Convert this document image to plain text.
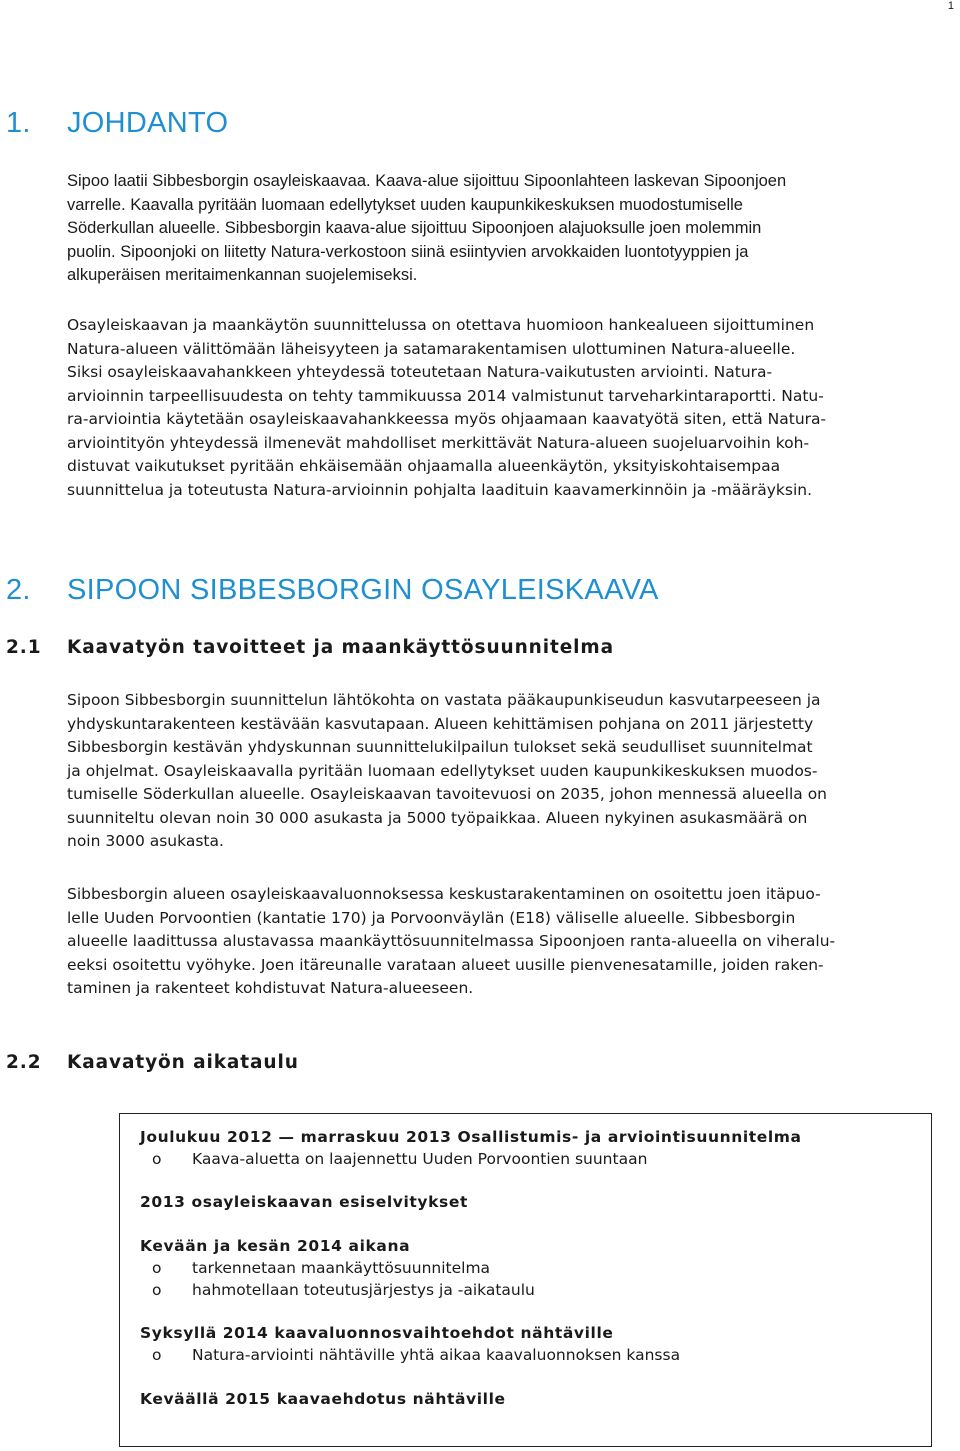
1
1. JOHDANTO
Sipoo laatii Sibbesborgin osayleiskaavaa. Kaava-alue sijoittuu Sipoonlahteen laskevan Sipoonjoen
varrelle. Kaavalla pyritään luomaan edellytykset uuden kaupunkikeskuksen muodostumiselle
Söderkullan alueelle. Sibbesborgin kaava-alue sijoittuu Sipoonjoen alajuoksulle joen molemmin
puolin. Sipoonjoki on liitetty Natura-verkostoon siinä esiintyvien arvokkaiden luontotyyppien ja
alkuperäisen meritaimenkannan suojelemiseksi.
Osayleiskaavan ja maankäytön suunnittelussa on otettava huomioon hankealueen sijoittuminen
Natura-alueen välittömään läheisyyteen ja satamarakentamisen ulottuminen Natura-alueelle.
Siksi osayleiskaavahankkeen yhteydessä toteutetaan Natura-vaikutusten arviointi. Natura-
arvioinnin tarpeellisuudesta on tehty tammikuussa 2014 valmistunut tarveharkintaraportti. Natu-
ra-arviointia käytetään osayleiskaavahankkeessa myös ohjaamaan kaavatyötä siten, että Natura-
arviointityön yhteydessä ilmenevät mahdolliset merkittävät Natura-alueen suojeluarvoihin koh-
distuvat vaikutukset pyritään ehkäisemään ohjaamalla alueenkäytön, yksityiskohtaisempaa
suunnittelua ja toteutusta Natura-arvioinnin pohjalta laadituin kaavamerkinnöin ja -määräyksin.
2. SIPOON SIBBESBORGIN OSAYLEISKAAVA
2.1 Kaavatyön tavoitteet ja maankäyttösuunnitelma
Sipoon Sibbesborgin suunnittelun lähtökohta on vastata pääkaupunkiseudun kasvutarpeeseen ja
yhdyskuntarakenteen kestävään kasvutapaan. Alueen kehittämisen pohjana on 2011 järjestetty
Sibbesborgin kestävän yhdyskunnan suunnittelukilpailun tulokset sekä seudulliset suunnitelmat
ja ohjelmat. Osayleiskaavalla pyritään luomaan edellytykset uuden kaupunkikeskuksen muodos-
tumiselle Söderkullan alueelle. Osayleiskaavan tavoitevuosi on 2035, johon mennessä alueella on
suunniteltu olevan noin 30 000 asukasta ja 5000 työpaikkaa. Alueen nykyinen asukasmäärä on
noin 3000 asukasta.
Sibbesborgin alueen osayleiskaavaluonnoksessa keskustarakentaminen on osoitettu joen itäpuo-
lelle Uuden Porvoontien (kantatie 170) ja Porvoonväylän (E18) väliselle alueelle. Sibbesborgin
alueelle laadittussa alustavassa maankäyttösuunnitelmassa Sipoonjoen ranta-alueella on viheralu-
eeksi osoitettu vyöhyke. Joen itäreunalle varataan alueet uusille pienvenesatamille, joiden raken-
taminen ja rakenteet kohdistuvat Natura-alueeseen.
2.2 Kaavatyön aikataulu
Joulukuu 2012 — marraskuu 2013 Osallistumis- ja arviointisuunnitelma
o Kaava-aluetta on laajennettu Uuden Porvoontien suuntaan
2013 osayleiskaavan esiselvitykset
Kevään ja kesän 2014 aikana
o tarkennetaan maankäyttösuunnitelma
o hahmotellaan toteutusjärjestys ja -aikataulu
Syksyllä 2014 kaavaluonnosvaihtoehdot nähtäville
o Natura-arviointi nähtäville yhtä aikaa kaavaluonnoksen kanssa
Keväällä 2015 kaavaehdotus nähtäville
